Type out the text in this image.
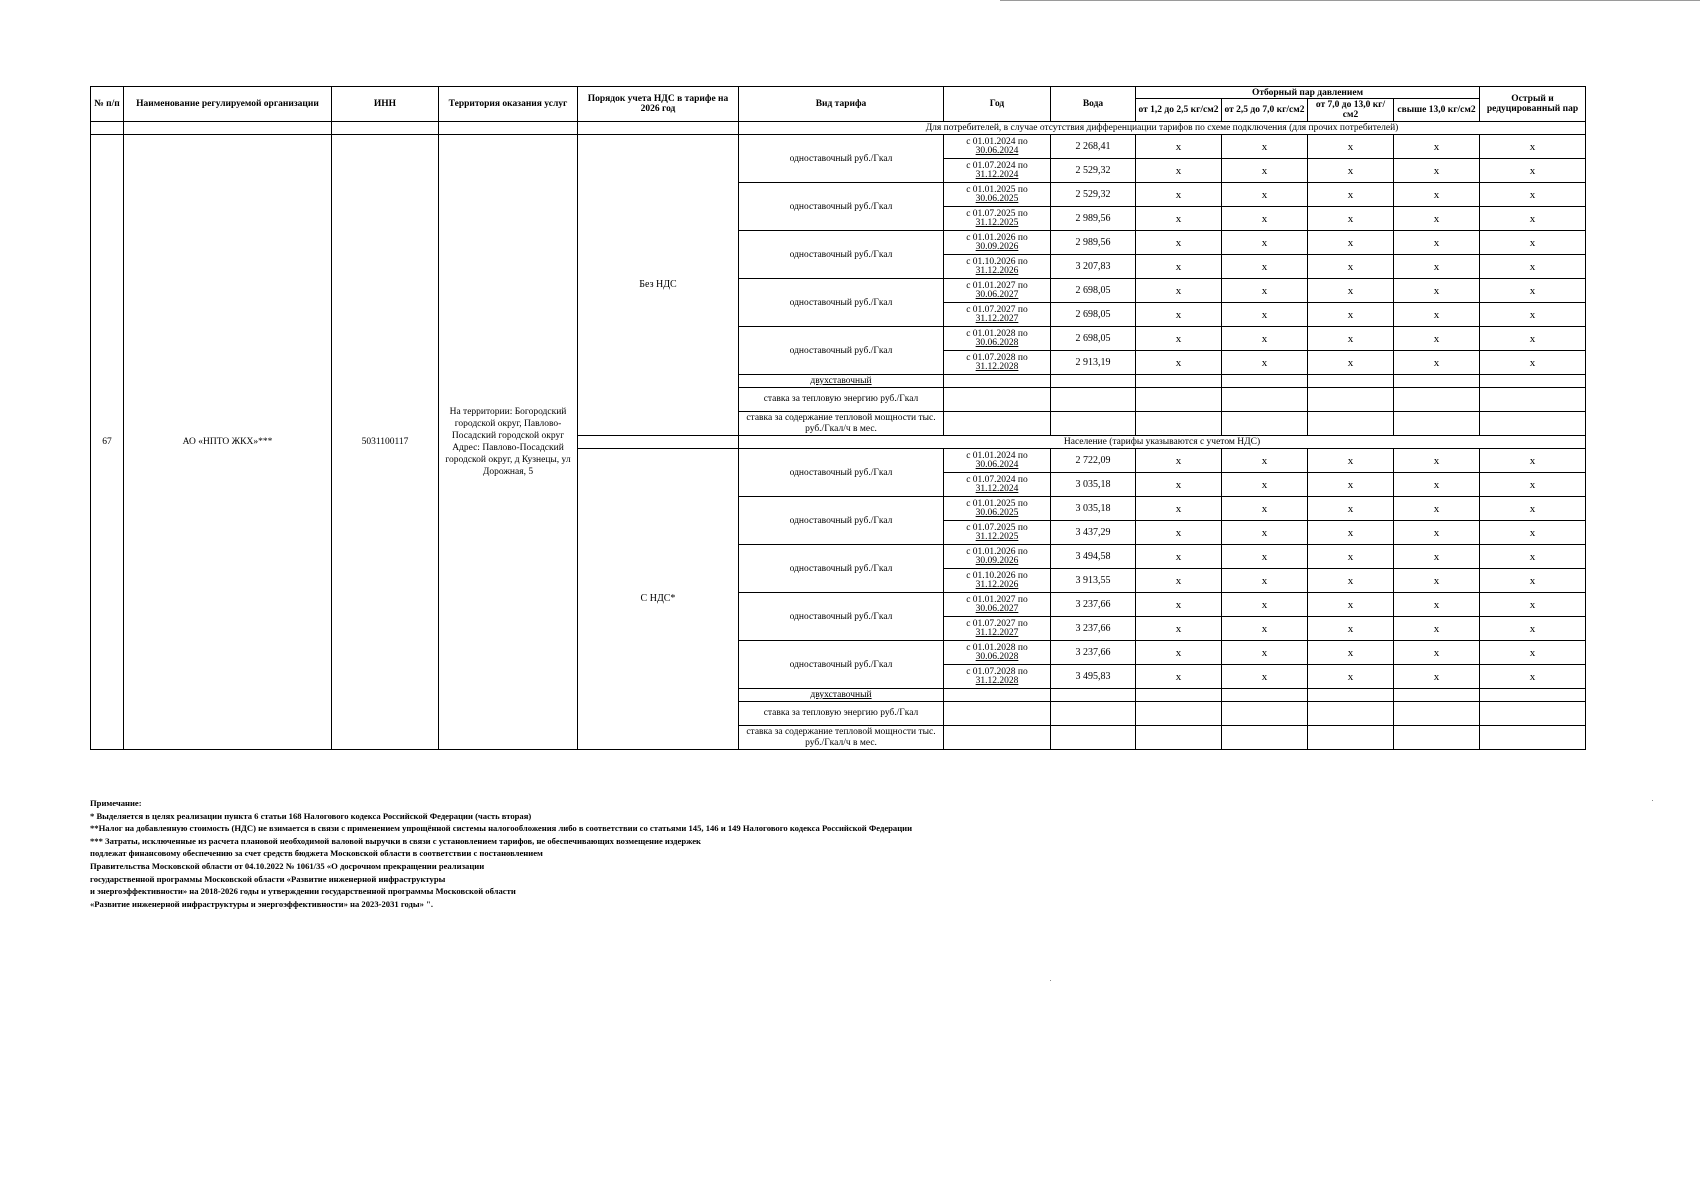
№ п/п	Наименование регулируемой организации	ИНН	Территория оказания услуг	Порядок учета НДС в тарифе на 2026 год	Вид тарифа	Год	Вода	Отборный пар давлением				Острый и редуцированный пар
								от 1,2 до 2,5 кг/см2	от 2,5 до 7,0 кг/см2	от 7,0 до 13,0 кг/см2	свыше 13,0 кг/см2	
					Для потребителей, в случае отсутствия дифференциации тарифов по схеме подключения (для прочих потребителей)							
67	АО «НПТО ЖКХ»***	5031100117	На территории: Богородский городской округ, Павлово-Посадский городской округ Адрес: Павлово-Посадский городской округ, д Кузнецы, ул Дорожная, 5	Без НДС	одноставочный руб./Гкал	с 01.01.2024 по
30.06.2024	2 268,41	x	x	x	x	x

						с 01.07.2024 по
31.12.2024	2 529,32	x	x	x	x	x
					одноставочный руб./Гкал	с 01.01.2025 по
30.06.2025	2 529,32	x	x	x	x	x

						с 01.07.2025 по
31.12.2025	2 989,56	x	x	x	x	x
					одноставочный руб./Гкал	с 01.01.2026 по
30.09.2026	2 989,56	x	x	x	x	x

						с 01.10.2026 по
31.12.2026	3 207,83	x	x	x	x	x
					одноставочный руб./Гкал	с 01.01.2027 по
30.06.2027	2 698,05	x	x	x	x	x

						с 01.07.2027 по
31.12.2027	2 698,05	x	x	x	x	x
					одноставочный руб./Гкал	с 01.01.2028 по
30.06.2028	2 698,05	x	x	x	x	x

						с 01.07.2028 по
31.12.2028	2 913,19	x	x	x	x	x
					двухставочный							
					ставка за тепловую энергию руб./Гкал							
					ставка за содержание тепловой мощности тыс. руб./Гкал/ч в мес.							
					Население (тарифы указываются с учетом НДС)							
				С НДС*	одноставочный руб./Гкал	с 01.01.2024 по
30.06.2024	2 722,09	x	x	x	x	x

						с 01.07.2024 по
31.12.2024	3 035,18	x	x	x	x	x
					одноставочный руб./Гкал	с 01.01.2025 по
30.06.2025	3 035,18	x	x	x	x	x

						с 01.07.2025 по
31.12.2025	3 437,29	x	x	x	x	x
					одноставочный руб./Гкал	с 01.01.2026 по
30.09.2026	3 494,58	x	x	x	x	x

						с 01.10.2026 по
31.12.2026	3 913,55	x	x	x	x	x
					одноставочный руб./Гкал	с 01.01.2027 по
30.06.2027	3 237,66	x	x	x	x	x

						с 01.07.2027 по
31.12.2027	3 237,66	x	x	x	x	x
					одноставочный руб./Гкал	с 01.01.2028 по
30.06.2028	3 237,66	x	x	x	x	x

						с 01.07.2028 по
31.12.2028	3 495,83	x	x	x	x	x
					двухставочный							
					ставка за тепловую энергию руб./Гкал							
					ставка за содержание тепловой мощности тыс. руб./Гкал/ч в мес.							
Примечание:
* Выделяется в целях реализации пункта 6 статьи 168 Налогового кодекса Российской Федерации (часть вторая)
**Налог на добавленную стоимость (НДС) не взимается в связи с применением упрощённой системы налогообложения либо в соответствии со статьями 145, 146 и 149 Налогового кодекса Российской Федерации
*** Затраты, исключенные из расчета плановой необходимой валовой выручки в связи с установлением тарифов, не обеспечивающих возмещение издержек
подлежат финансовому обеспечению за счет средств бюджета Московской области в соответствии с постановлением
Правительства Московской области от 04.10.2022 № 1061/35 «О досрочном прекращении реализации
государственной программы Московской области «Развитие инженерной инфраструктуры
и энергоэффективности» на 2018-2026 годы и утверждении государственной программы Московской области
«Развитие инженерной инфраструктуры и энергоэффективности» на 2023-2031 годы» ".
